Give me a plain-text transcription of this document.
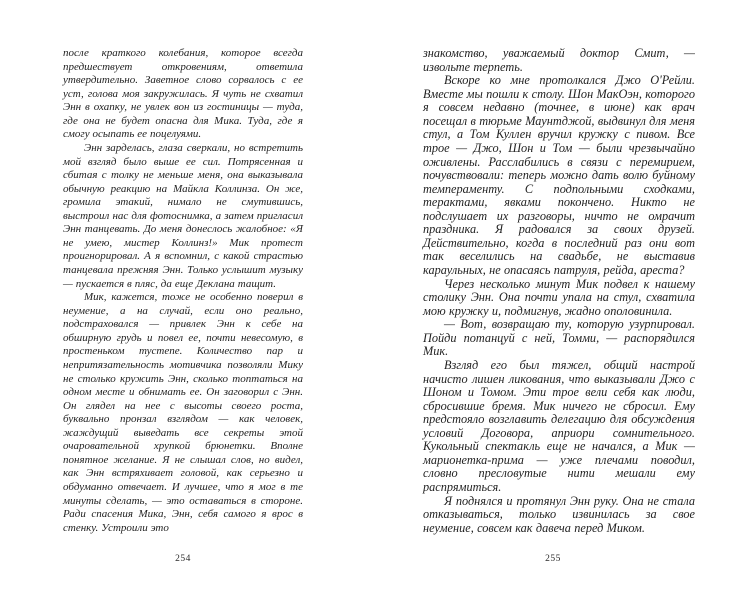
после краткого колебания, которое всегда предшествует откровениям, ответила утвердительно. Заветное слово сорвалось с ее уст, голова моя закружилась. Я чуть не схватил Энн в охапку, не увлек вон из гостиницы — туда, где она не будет опасна для Мика. Туда, где я смогу осыпать ее поцелуями.

Энн зарделась, глаза сверкали, но встретить мой взгляд было выше ее сил. Потрясенная и сбитая с толку не меньше меня, она выказывала обычную реакцию на Майкла Коллинза. Он же, громила этакий, нимало не смутившись, выстроил нас для фотоснимка, а затем пригласил Энн танцевать. До меня донеслось жалобное: «Я не умею, мистер Коллинз!» Мик протест проигнорировал. А я вспомнил, с какой страстью танцевала прежняя Энн. Только услышит музыку — пускается в пляс, да еще Деклана тащит.

Мик, кажется, тоже не особенно поверил в неумение, а на случай, если оно реально, подстраховался — привлек Энн к себе на обширную грудь и повел ее, почти невесомую, в простеньком тустепе. Количество пар и непритязательность мотивчика позволяли Мику не столько кружить Энн, сколько топтаться на одном месте и обнимать ее. Он заговорил с Энн. Он глядел на нее с высоты своего роста, буквально пронзал взглядом — как человек, жаждущий выведать все секреты этой очаровательной хрупкой брюнетки. Вполне понятное желание. Я не слышал слов, но видел, как Энн встряхивает головой, как серьезно и обдуманно отвечает. И лучшее, что я мог в те минуты сделать, — это оставаться в стороне. Ради спасения Мика, Энн, себя самого я врос в стенку. Устроили это

знакомство, уважаемый доктор Смит, — извольте терпеть.

Вскоре ко мне протолкался Джо О'Рейли. Вместе мы пошли к столу. Шон МакОэн, которого я совсем недавно (точнее, в июне) как врач посещал в тюрьме Маунтджой, выдвинул для меня стул, а Том Куллен вручил кружку с пивом. Все трое — Джо, Шон и Том — были чрезвычайно оживлены. Расслабились в связи с перемирием, почувствовали: теперь можно дать волю буйному темпераменту. С подпольными сходками, терактами, явками покончено. Никто не подслушает их разговоры, ничто не омрачит праздника. Я радовался за своих друзей. Действительно, когда в последний раз они вот так веселились на свадьбе, не выставив караульных, не опасаясь патруля, рейда, ареста?

Через несколько минут Мик подвел к нашему столику Энн. Она почти упала на стул, схватила мою кружку и, подмигнув, жадно ополовинила.

— Вот, возвращаю ту, которую узурпировал. Пойди потанцуй с ней, Томми, — распорядился Мик.

Взгляд его был тяжел, общий настрой начисто лишен ликования, что выказывали Джо с Шоном и Томом. Эти трое вели себя как люди, сбросившие бремя. Мик ничего не сбросил. Ему предстояло возглавить делегацию для обсуждения условий Договора, априори сомнительного. Кукольный спектакль еще не начался, а Мик — марионетка-прима — уже плечами поводил, словно пресловутые нити мешали ему распрямиться.

Я поднялся и протянул Энн руку. Она не стала отказываться, только извинилась за свое неумение, совсем как давеча перед Миком.

254	255
